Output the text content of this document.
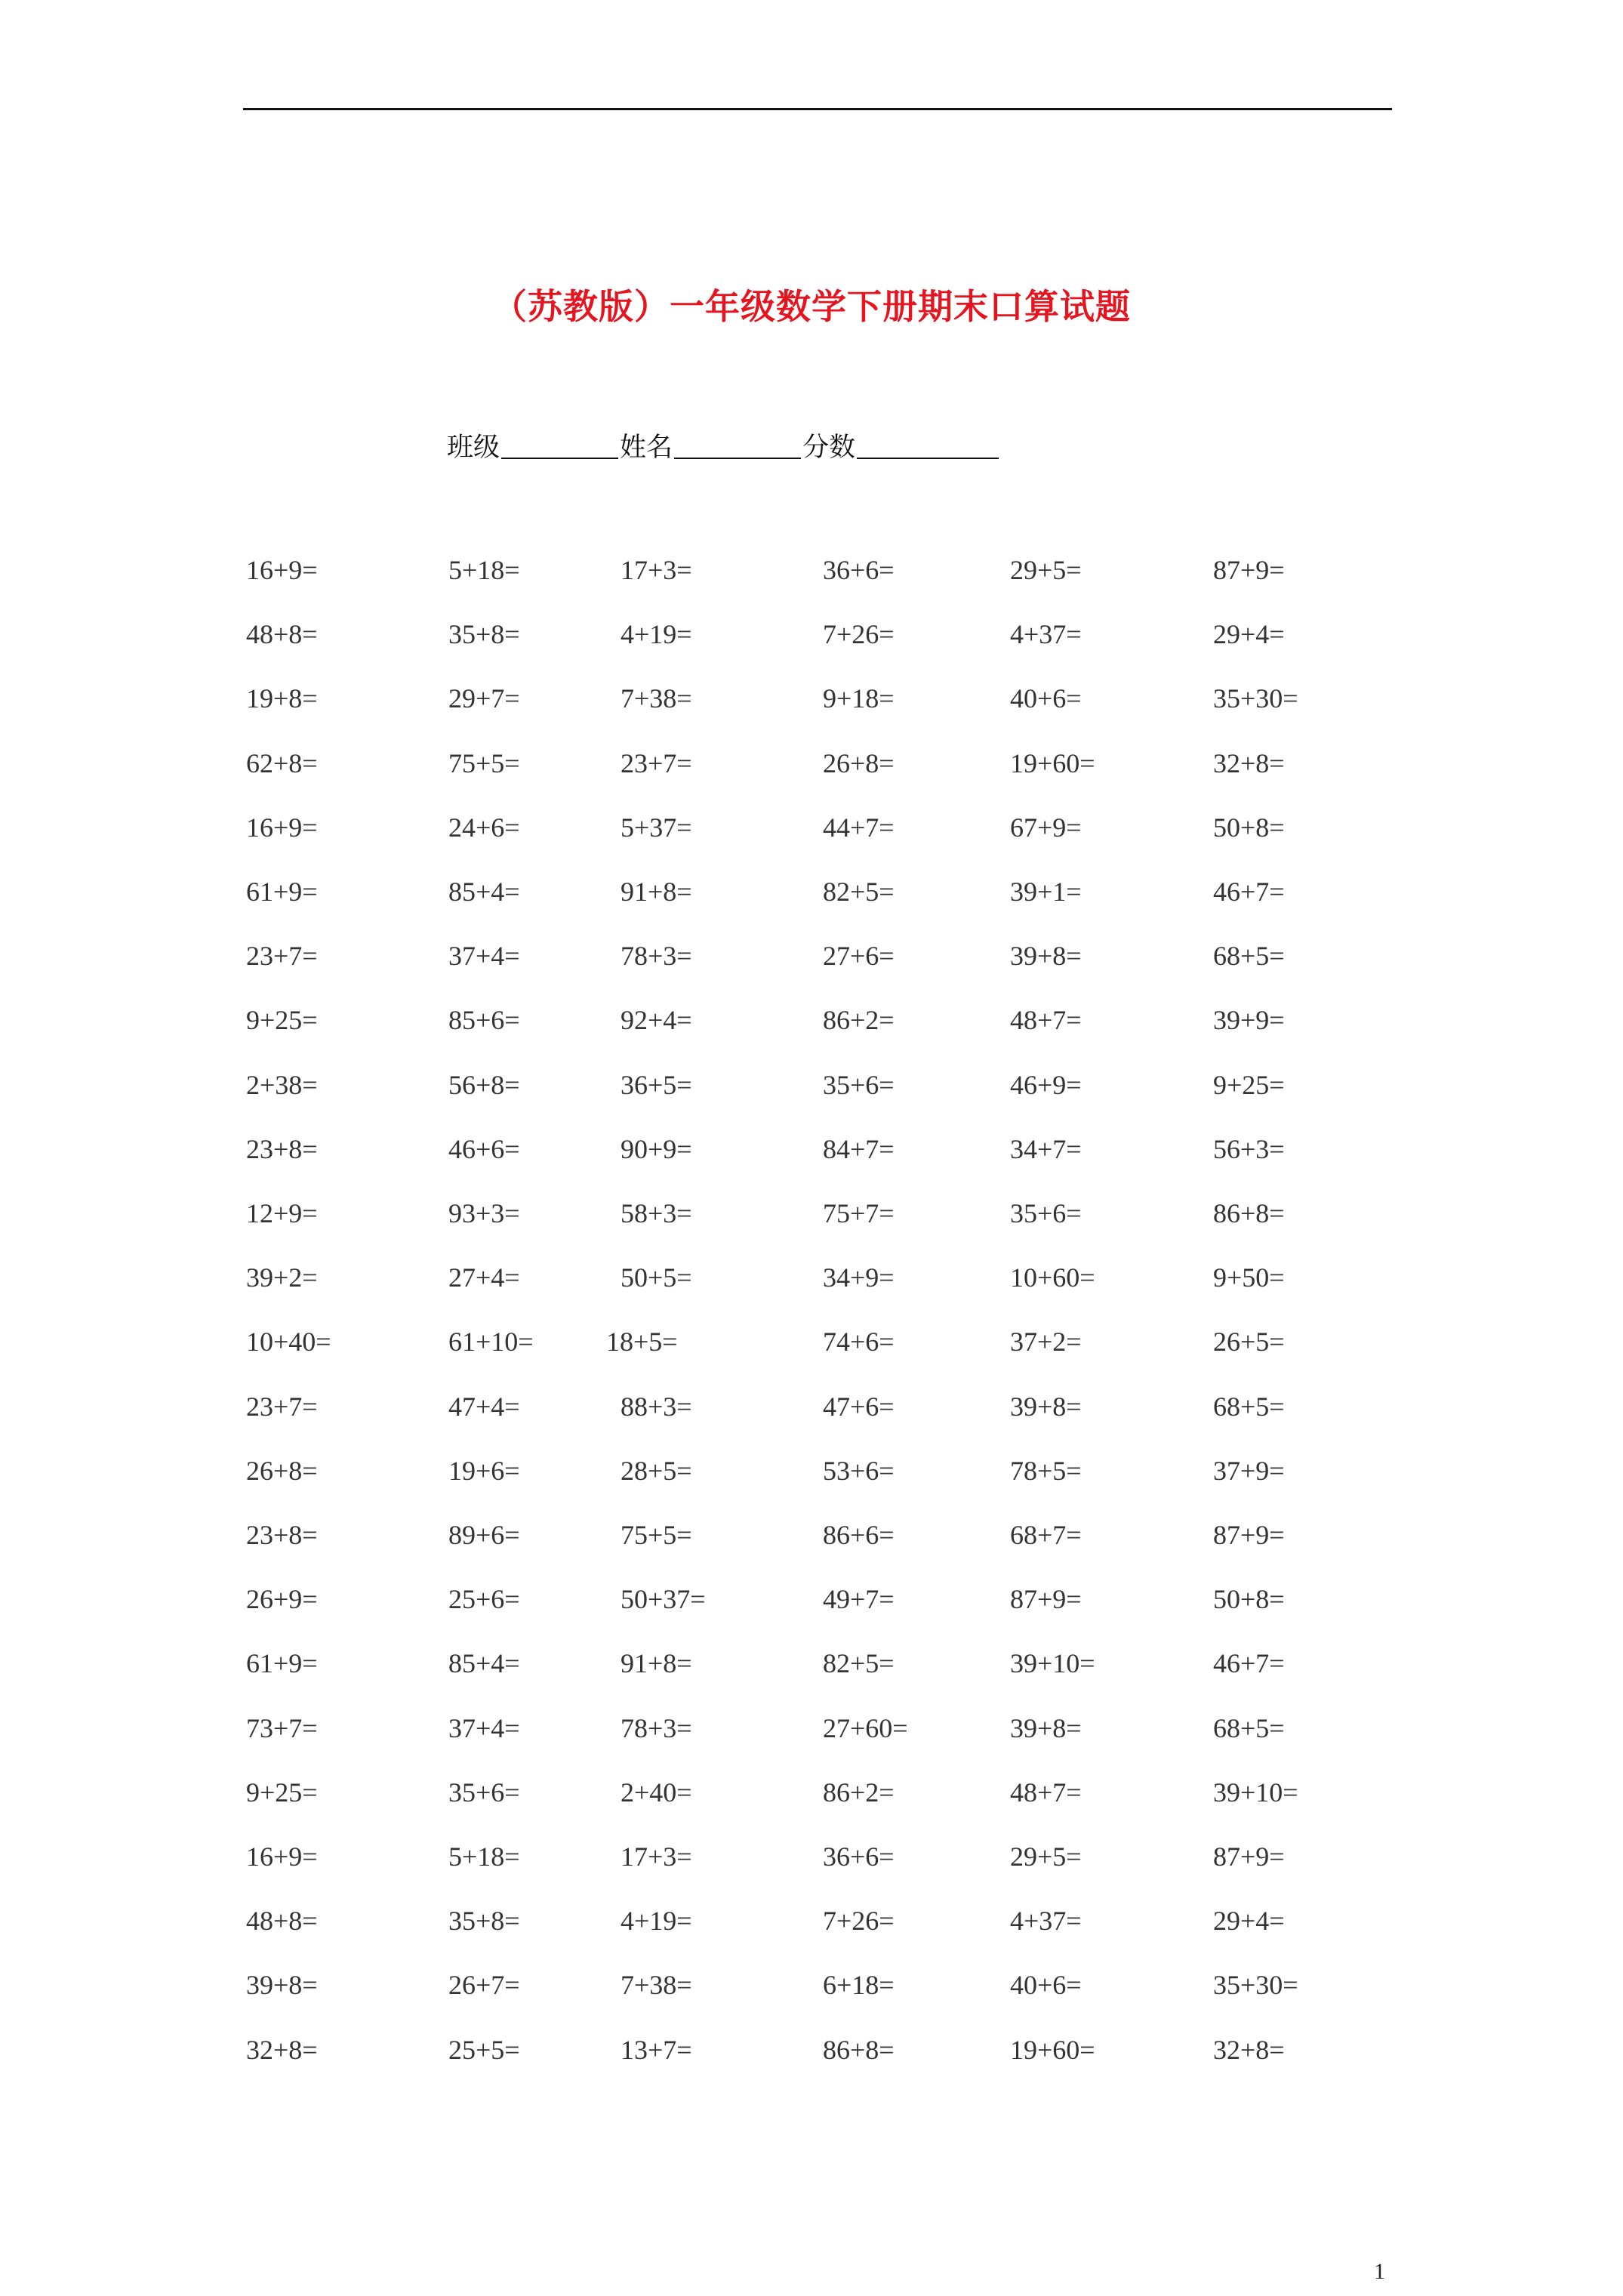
（苏教版）一年级数学下册期末口算试题
班级	姓名	分数
16+9=	5+18=	17+3=	36+6=	29+5=	87+9=
48+8=	35+8=	4+19=	7+26=	4+37=	29+4=
19+8=	29+7=	7+38=	9+18=	40+6=	35+30=
62+8=	75+5=	23+7=	26+8=	19+60=	32+8=
16+9=	24+6=	5+37=	44+7=	67+9=	50+8=
61+9=	85+4=	91+8=	82+5=	39+1=	46+7=
23+7=	37+4=	78+3=	27+6=	39+8=	68+5=
9+25=	85+6=	92+4=	86+2=	48+7=	39+9=
2+38=	56+8=	36+5=	35+6=	46+9=	9+25=
23+8=	46+6=	90+9=	84+7=	34+7=	56+3=
12+9=	93+3=	58+3=	75+7=	35+6=	86+8=
39+2=	27+4=	50+5=	34+9=	10+60=	9+50=
10+40=	61+10=	18+5=	74+6=	37+2=	26+5=
23+7=	47+4=	88+3=	47+6=	39+8=	68+5=
26+8=	19+6=	28+5=	53+6=	78+5=	37+9=
23+8=	89+6=	75+5=	86+6=	68+7=	87+9=
26+9=	25+6=	50+37=	49+7=	87+9=	50+8=
61+9=	85+4=	91+8=	82+5=	39+10=	46+7=
73+7=	37+4=	78+3=	27+60=	39+8=	68+5=
9+25=	35+6=	2+40=	86+2=	48+7=	39+10=
16+9=	5+18=	17+3=	36+6=	29+5=	87+9=
48+8=	35+8=	4+19=	7+26=	4+37=	29+4=
39+8=	26+7=	7+38=	6+18=	40+6=	35+30=
32+8=	25+5=	13+7=	86+8=	19+60=	32+8=
1
